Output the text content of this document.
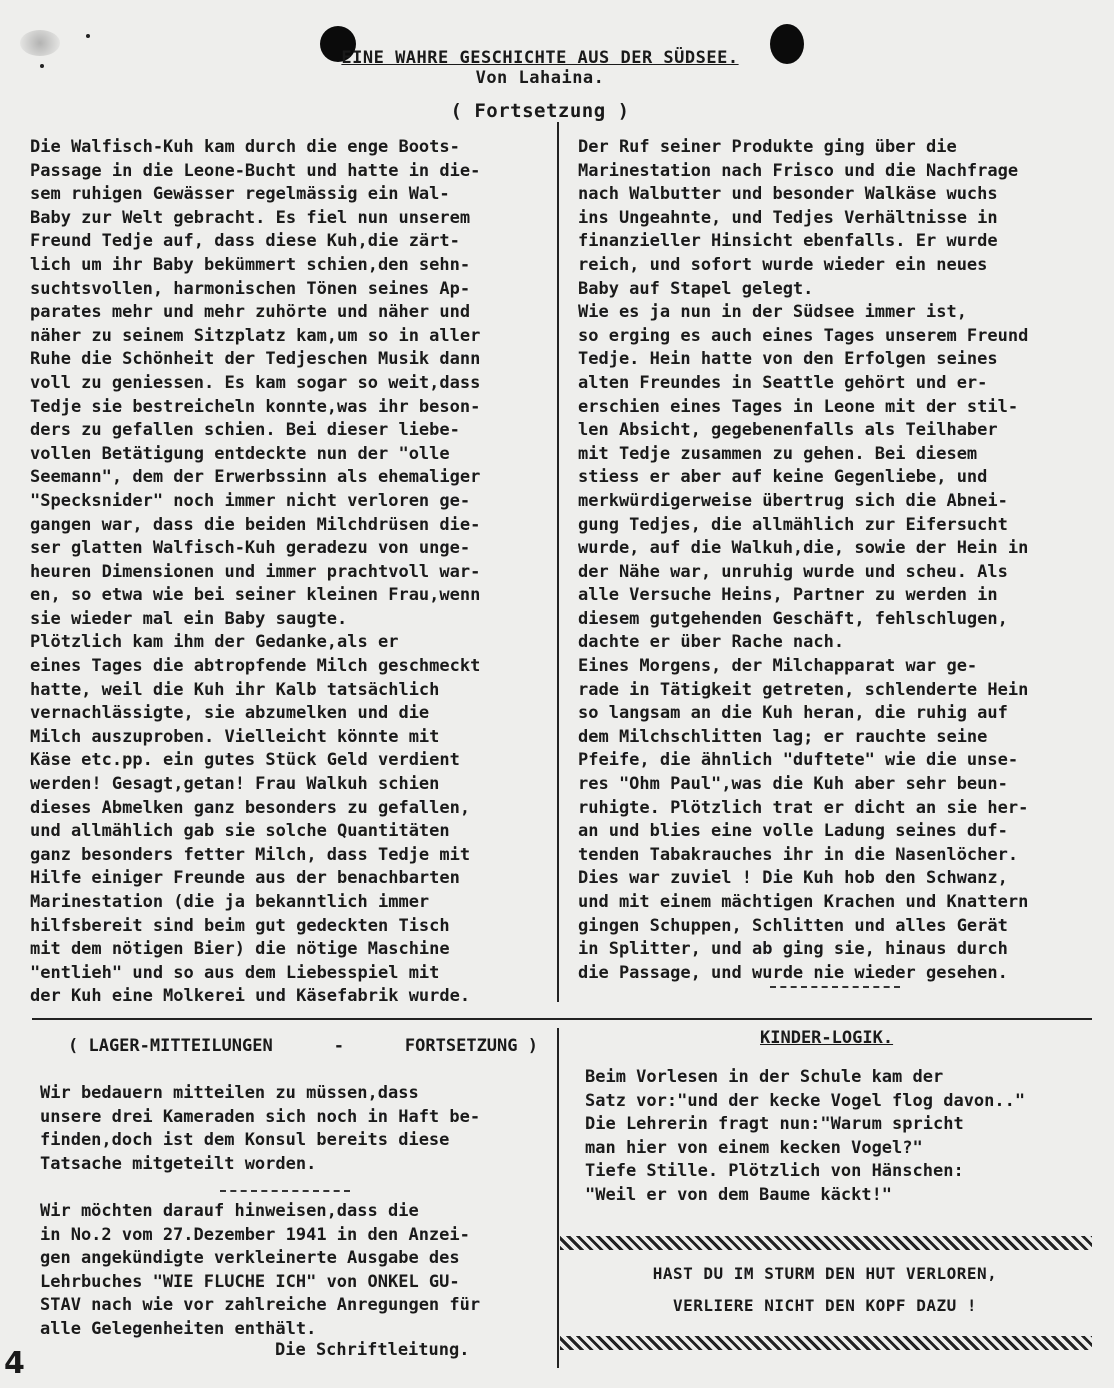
EINE WAHRE GESCHICHTE AUS DER SÜDSEE.
Von Lahaina.
( Fortsetzung )

Die Walfisch-Kuh kam durch die enge Boots-
Passage in die Leone-Bucht und hatte in die-
sem ruhigen Gewässer regelmässig ein Wal-
Baby zur Welt gebracht. Es fiel nun unserem
Freund Tedje auf, dass diese Kuh,die zärt-
lich um ihr Baby bekümmert schien,den sehn-
suchtsvollen, harmonischen Tönen seines Ap-
parates mehr und mehr zuhörte und näher und
näher zu seinem Sitzplatz kam,um so in aller
Ruhe die Schönheit der Tedjeschen Musik dann
voll zu geniessen. Es kam sogar so weit,dass
Tedje sie bestreicheln konnte,was ihr beson-
ders zu gefallen schien. Bei dieser liebe-
vollen Betätigung entdeckte nun der "olle
Seemann", dem der Erwerbssinn als ehemaliger
"Specksnider" noch immer nicht verloren ge-
gangen war, dass die beiden Milchdrüsen die-
ser glatten Walfisch-Kuh geradezu von unge-
heuren Dimensionen und immer prachtvoll war-
en, so etwa wie bei seiner kleinen Frau,wenn
sie wieder mal ein Baby saugte.
Plötzlich kam ihm der Gedanke,als er
eines Tages die abtropfende Milch geschmeckt
hatte, weil die Kuh ihr Kalb tatsächlich
vernachlässigte, sie abzumelken und die
Milch auszuproben. Vielleicht könnte mit
Käse etc.pp. ein gutes Stück Geld verdient
werden! Gesagt,getan! Frau Walkuh schien
dieses Abmelken ganz besonders zu gefallen,
und allmählich gab sie solche Quantitäten
ganz besonders fetter Milch, dass Tedje mit
Hilfe einiger Freunde aus der benachbarten
Marinestation (die ja bekanntlich immer
hilfsbereit sind beim gut gedeckten Tisch
mit dem nötigen Bier) die nötige Maschine
"entlieh" und so aus dem Liebesspiel mit
der Kuh eine Molkerei und Käsefabrik wurde.

Der Ruf seiner Produkte ging über die
Marinestation nach Frisco und die Nachfrage
nach Walbutter und besonder Walkäse wuchs
ins Ungeahnte, und Tedjes Verhältnisse in
finanzieller Hinsicht ebenfalls. Er wurde
reich, und sofort wurde wieder ein neues
Baby auf Stapel gelegt.
Wie es ja nun in der Südsee immer ist,
so erging es auch eines Tages unserem Freund
Tedje. Hein hatte von den Erfolgen seines
alten Freundes in Seattle gehört und er-
erschien eines Tages in Leone mit der stil-
len Absicht, gegebenenfalls als Teilhaber
mit Tedje zusammen zu gehen. Bei diesem
stiess er aber auf keine Gegenliebe, und
merkwürdigerweise übertrug sich die Abnei-
gung Tedjes, die allmählich zur Eifersucht
wurde, auf die Walkuh,die, sowie der Hein in
der Nähe war, unruhig wurde und scheu. Als
alle Versuche Heins, Partner zu werden in
diesem gutgehenden Geschäft, fehlschlugen,
dachte er über Rache nach.
Eines Morgens, der Milchapparat war ge-
rade in Tätigkeit getreten, schlenderte Hein
so langsam an die Kuh heran, die ruhig auf
dem Milchschlitten lag; er rauchte seine
Pfeife, die ähnlich "duftete" wie die unse-
res "Ohm Paul",was die Kuh aber sehr beun-
ruhigte. Plötzlich trat er dicht an sie her-
an und blies eine volle Ladung seines duf-
tenden Tabakrauches ihr in die Nasenlöcher.
Dies war zuviel ! Die Kuh hob den Schwanz,
und mit einem mächtigen Krachen und Knattern
gingen Schuppen, Schlitten und alles Gerät
in Splitter, und ab ging sie, hinaus durch
die Passage, und wurde nie wieder gesehen.

( LAGER-MITTEILUNGEN	-	FORTSETZUNG )

Wir bedauern mitteilen zu müssen,dass
unsere drei Kameraden sich noch in Haft be-
finden,doch ist dem Konsul bereits diese
Tatsache mitgeteilt worden.

Wir möchten darauf hinweisen,dass die
in No.2 vom 27.Dezember 1941 in den Anzei-
gen angekündigte verkleinerte Ausgabe des
Lehrbuches "WIE FLUCHE ICH" von ONKEL GU-
STAV nach wie vor zahlreiche Anregungen für
alle Gelegenheiten enthält.

Die Schriftleitung.
KINDER-LOGIK.

Beim Vorlesen in der Schule kam der
Satz vor:"und der kecke Vogel flog davon.."
Die Lehrerin fragt nun:"Warum spricht
man hier von einem kecken Vogel?"
Tiefe Stille. Plötzlich von Hänschen:
"Weil er von dem Baume käckt!"

HAST DU IM STURM DEN HUT VERLOREN,
VERLIERE NICHT DEN KOPF DAZU !
4
